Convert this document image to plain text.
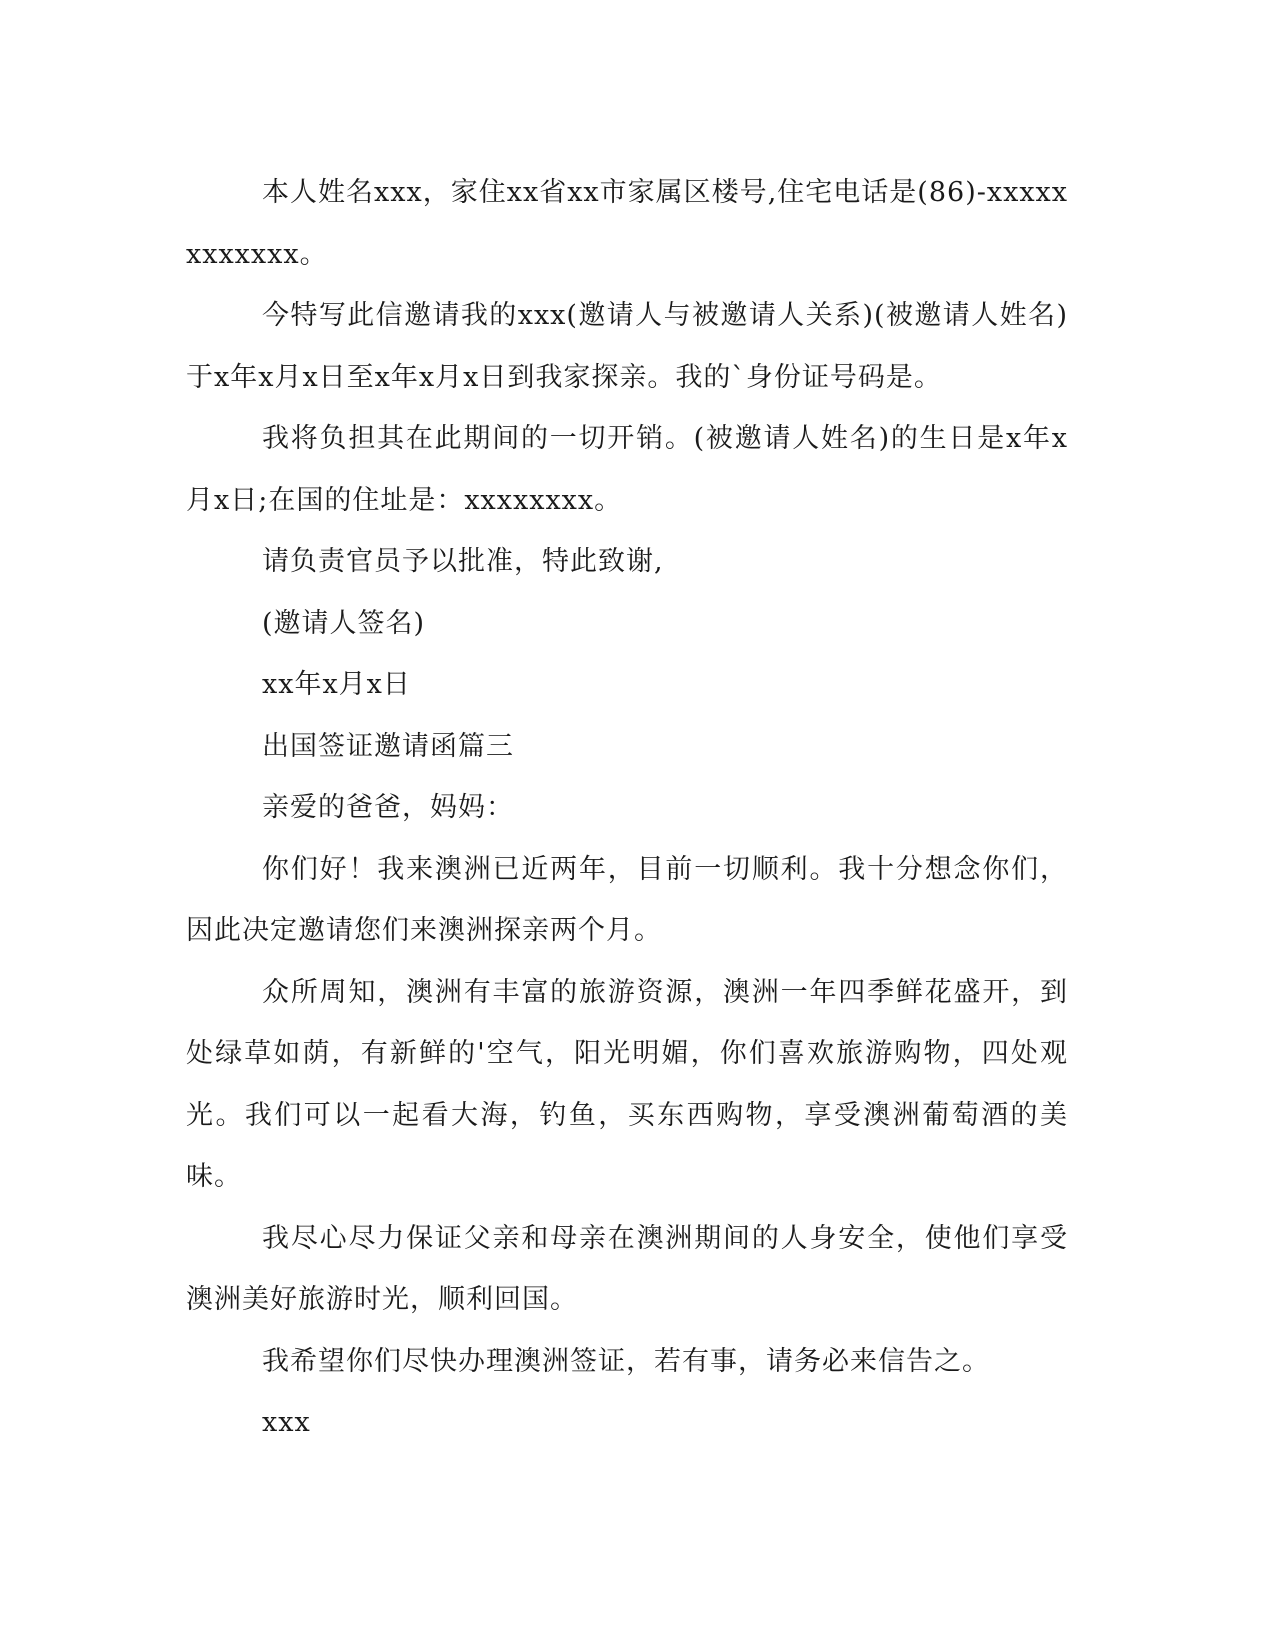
本人姓名xxx，家住xx省xx市家属区楼号,住宅电话是(86)-xxxxxxxxxxxx。

今特写此信邀请我的xxx(邀请人与被邀请人关系)(被邀请人姓名)于x年x月x日至x年x月x日到我家探亲。我的`身份证号码是。

我将负担其在此期间的一切开销。(被邀请人姓名)的生日是x年x月x日;在国的住址是：xxxxxxxx。

请负责官员予以批准，特此致谢,

(邀请人签名)

xx年x月x日

出国签证邀请函篇三

亲爱的爸爸，妈妈：

你们好！我来澳洲已近两年，目前一切顺利。我十分想念你们，因此决定邀请您们来澳洲探亲两个月。

众所周知，澳洲有丰富的旅游资源，澳洲一年四季鲜花盛开，到处绿草如荫，有新鲜的'空气，阳光明媚，你们喜欢旅游购物，四处观光。我们可以一起看大海，钓鱼，买东西购物，享受澳洲葡萄酒的美味。

我尽心尽力保证父亲和母亲在澳洲期间的人身安全，使他们享受澳洲美好旅游时光，顺利回国。

我希望你们尽快办理澳洲签证，若有事，请务必来信告之。

xxx
